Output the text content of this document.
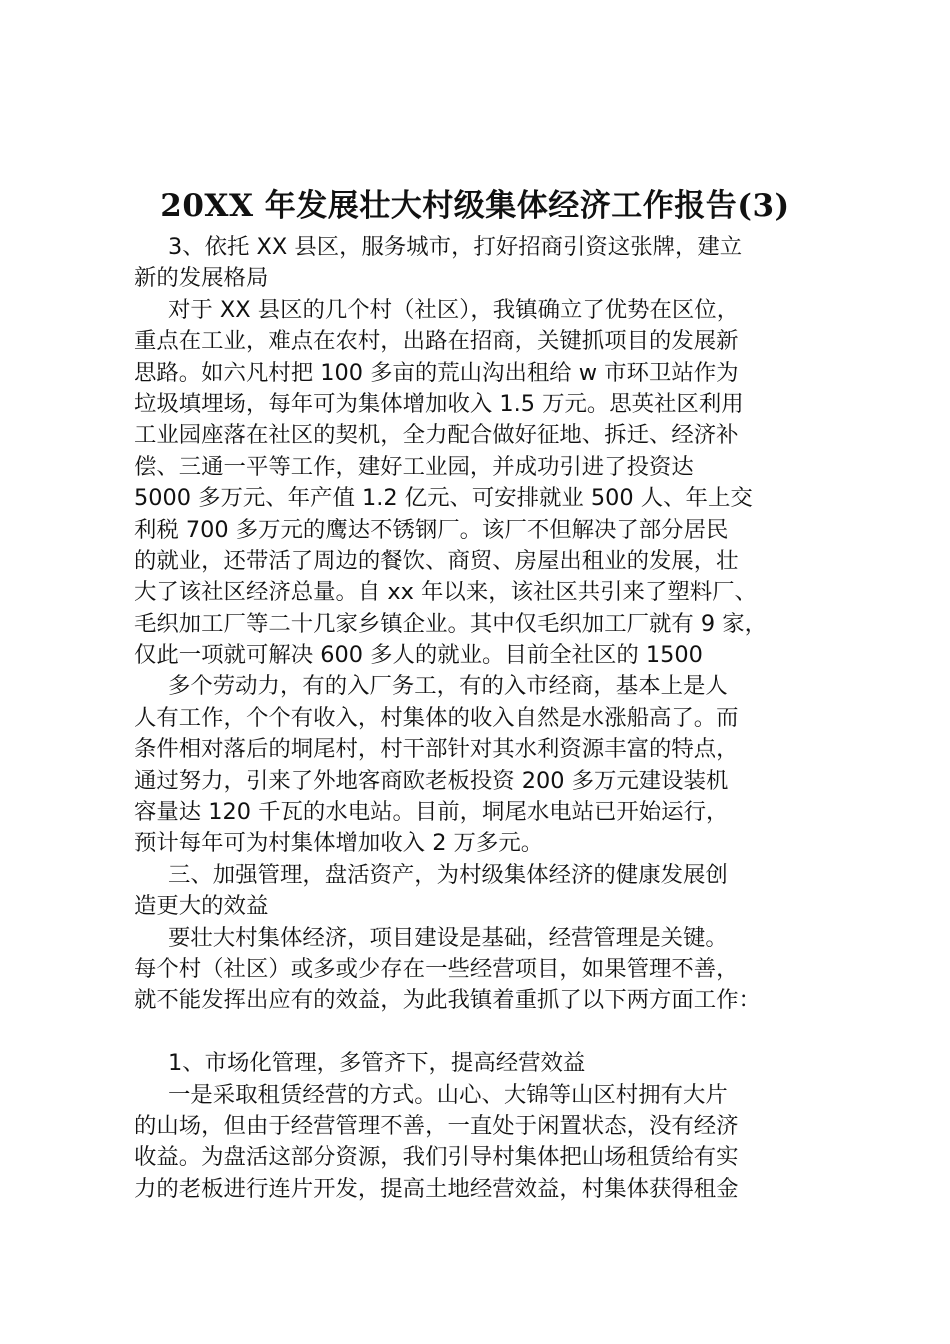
20XX 年发展壮大村级集体经济工作报告(3)
3、依托 XX 县区，服务城市，打好招商引资这张牌，建立
新的发展格局
对于 XX 县区的几个村（社区），我镇确立了优势在区位，
重点在工业，难点在农村，出路在招商，关键抓项目的发展新
思路。如六凡村把 100 多亩的荒山沟出租给 w 市环卫站作为
垃圾填埋场，每年可为集体增加收入 1.5 万元。思英社区利用
工业园座落在社区的契机，全力配合做好征地、拆迁、经济补
偿、三通一平等工作，建好工业园，并成功引进了投资达
5000 多万元、年产值 1.2 亿元、可安排就业 500 人、年上交
利税 700 多万元的鹰达不锈钢厂。该厂不但解决了部分居民
的就业，还带活了周边的餐饮、商贸、房屋出租业的发展，壮
大了该社区经济总量。自 xx 年以来，该社区共引来了塑料厂、
毛织加工厂等二十几家乡镇企业。其中仅毛织加工厂就有 9 家，
仅此一项就可解决 600 多人的就业。目前全社区的 1500
多个劳动力，有的入厂务工，有的入市经商，基本上是人
人有工作，个个有收入，村集体的收入自然是水涨船高了。而
条件相对落后的垌尾村，村干部针对其水利资源丰富的特点，
通过努力，引来了外地客商欧老板投资 200 多万元建设装机
容量达 120 千瓦的水电站。目前，垌尾水电站已开始运行，
预计每年可为村集体增加收入 2 万多元。
三、加强管理，盘活资产，为村级集体经济的健康发展创
造更大的效益
要壮大村集体经济，项目建设是基础，经营管理是关键。
每个村（社区）或多或少存在一些经营项目，如果管理不善，
就不能发挥出应有的效益，为此我镇着重抓了以下两方面工作：
1、市场化管理，多管齐下，提高经营效益
一是采取租赁经营的方式。山心、大锦等山区村拥有大片
的山场，但由于经营管理不善，一直处于闲置状态，没有经济
收益。为盘活这部分资源，我们引导村集体把山场租赁给有实
力的老板进行连片开发，提高土地经营效益，村集体获得租金
